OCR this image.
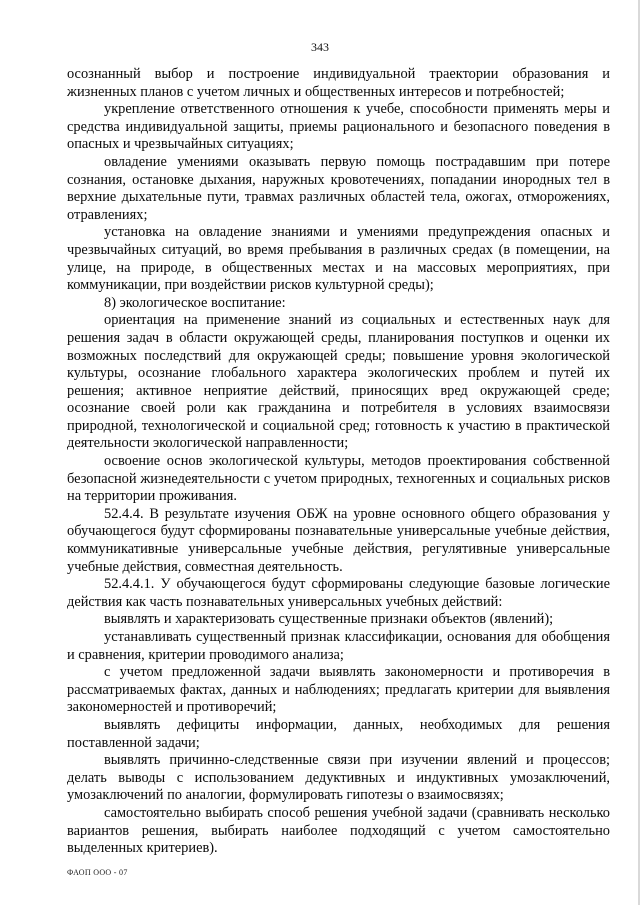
343

осознанный выбор и построение индивидуальной траектории образования и жизненных планов с учетом личных и общественных интересов и потребностей;

укрепление ответственного отношения к учебе, способности применять меры и средства индивидуальной защиты, приемы рационального и безопасного поведения в опасных и чрезвычайных ситуациях;

овладение умениями оказывать первую помощь пострадавшим при потере сознания, остановке дыхания, наружных кровотечениях, попадании инородных тел в верхние дыхательные пути, травмах различных областей тела, ожогах, отморожениях, отравлениях;

установка на овладение знаниями и умениями предупреждения опасных и чрезвычайных ситуаций, во время пребывания в различных средах (в помещении, на улице, на природе, в общественных местах и на массовых мероприятиях, при коммуникации, при воздействии рисков культурной среды);

8) экологическое воспитание:

ориентация на применение знаний из социальных и естественных наук для решения задач в области окружающей среды, планирования поступков и оценки их возможных последствий для окружающей среды; повышение уровня экологической культуры, осознание глобального характера экологических проблем и путей их решения; активное неприятие действий, приносящих вред окружающей среде; осознание своей роли как гражданина и потребителя в условиях взаимосвязи природной, технологической и социальной сред; готовность к участию в практической деятельности экологической направленности;

освоение основ экологической культуры, методов проектирования собственной безопасной жизнедеятельности с учетом природных, техногенных и социальных рисков на территории проживания.

52.4.4. В результате изучения ОБЖ на уровне основного общего образования у обучающегося будут сформированы познавательные универсальные учебные действия, коммуникативные универсальные учебные действия, регулятивные универсальные учебные действия, совместная деятельность.

52.4.4.1. У обучающегося будут сформированы следующие базовые логические действия как часть познавательных универсальных учебных действий:

выявлять и характеризовать существенные признаки объектов (явлений);

устанавливать существенный признак классификации, основания для обобщения и сравнения, критерии проводимого анализа;

с учетом предложенной задачи выявлять закономерности и противоречия в рассматриваемых фактах, данных и наблюдениях; предлагать критерии для выявления закономерностей и противоречий;

выявлять дефициты информации, данных, необходимых для решения поставленной задачи;

выявлять причинно-следственные связи при изучении явлений и процессов; делать выводы с использованием дедуктивных и индуктивных умозаключений, умозаключений по аналогии, формулировать гипотезы о взаимосвязях;

самостоятельно выбирать способ решения учебной задачи (сравнивать несколько вариантов решения, выбирать наиболее подходящий с учетом самостоятельно выделенных критериев).

ФАОП ООО - 07
